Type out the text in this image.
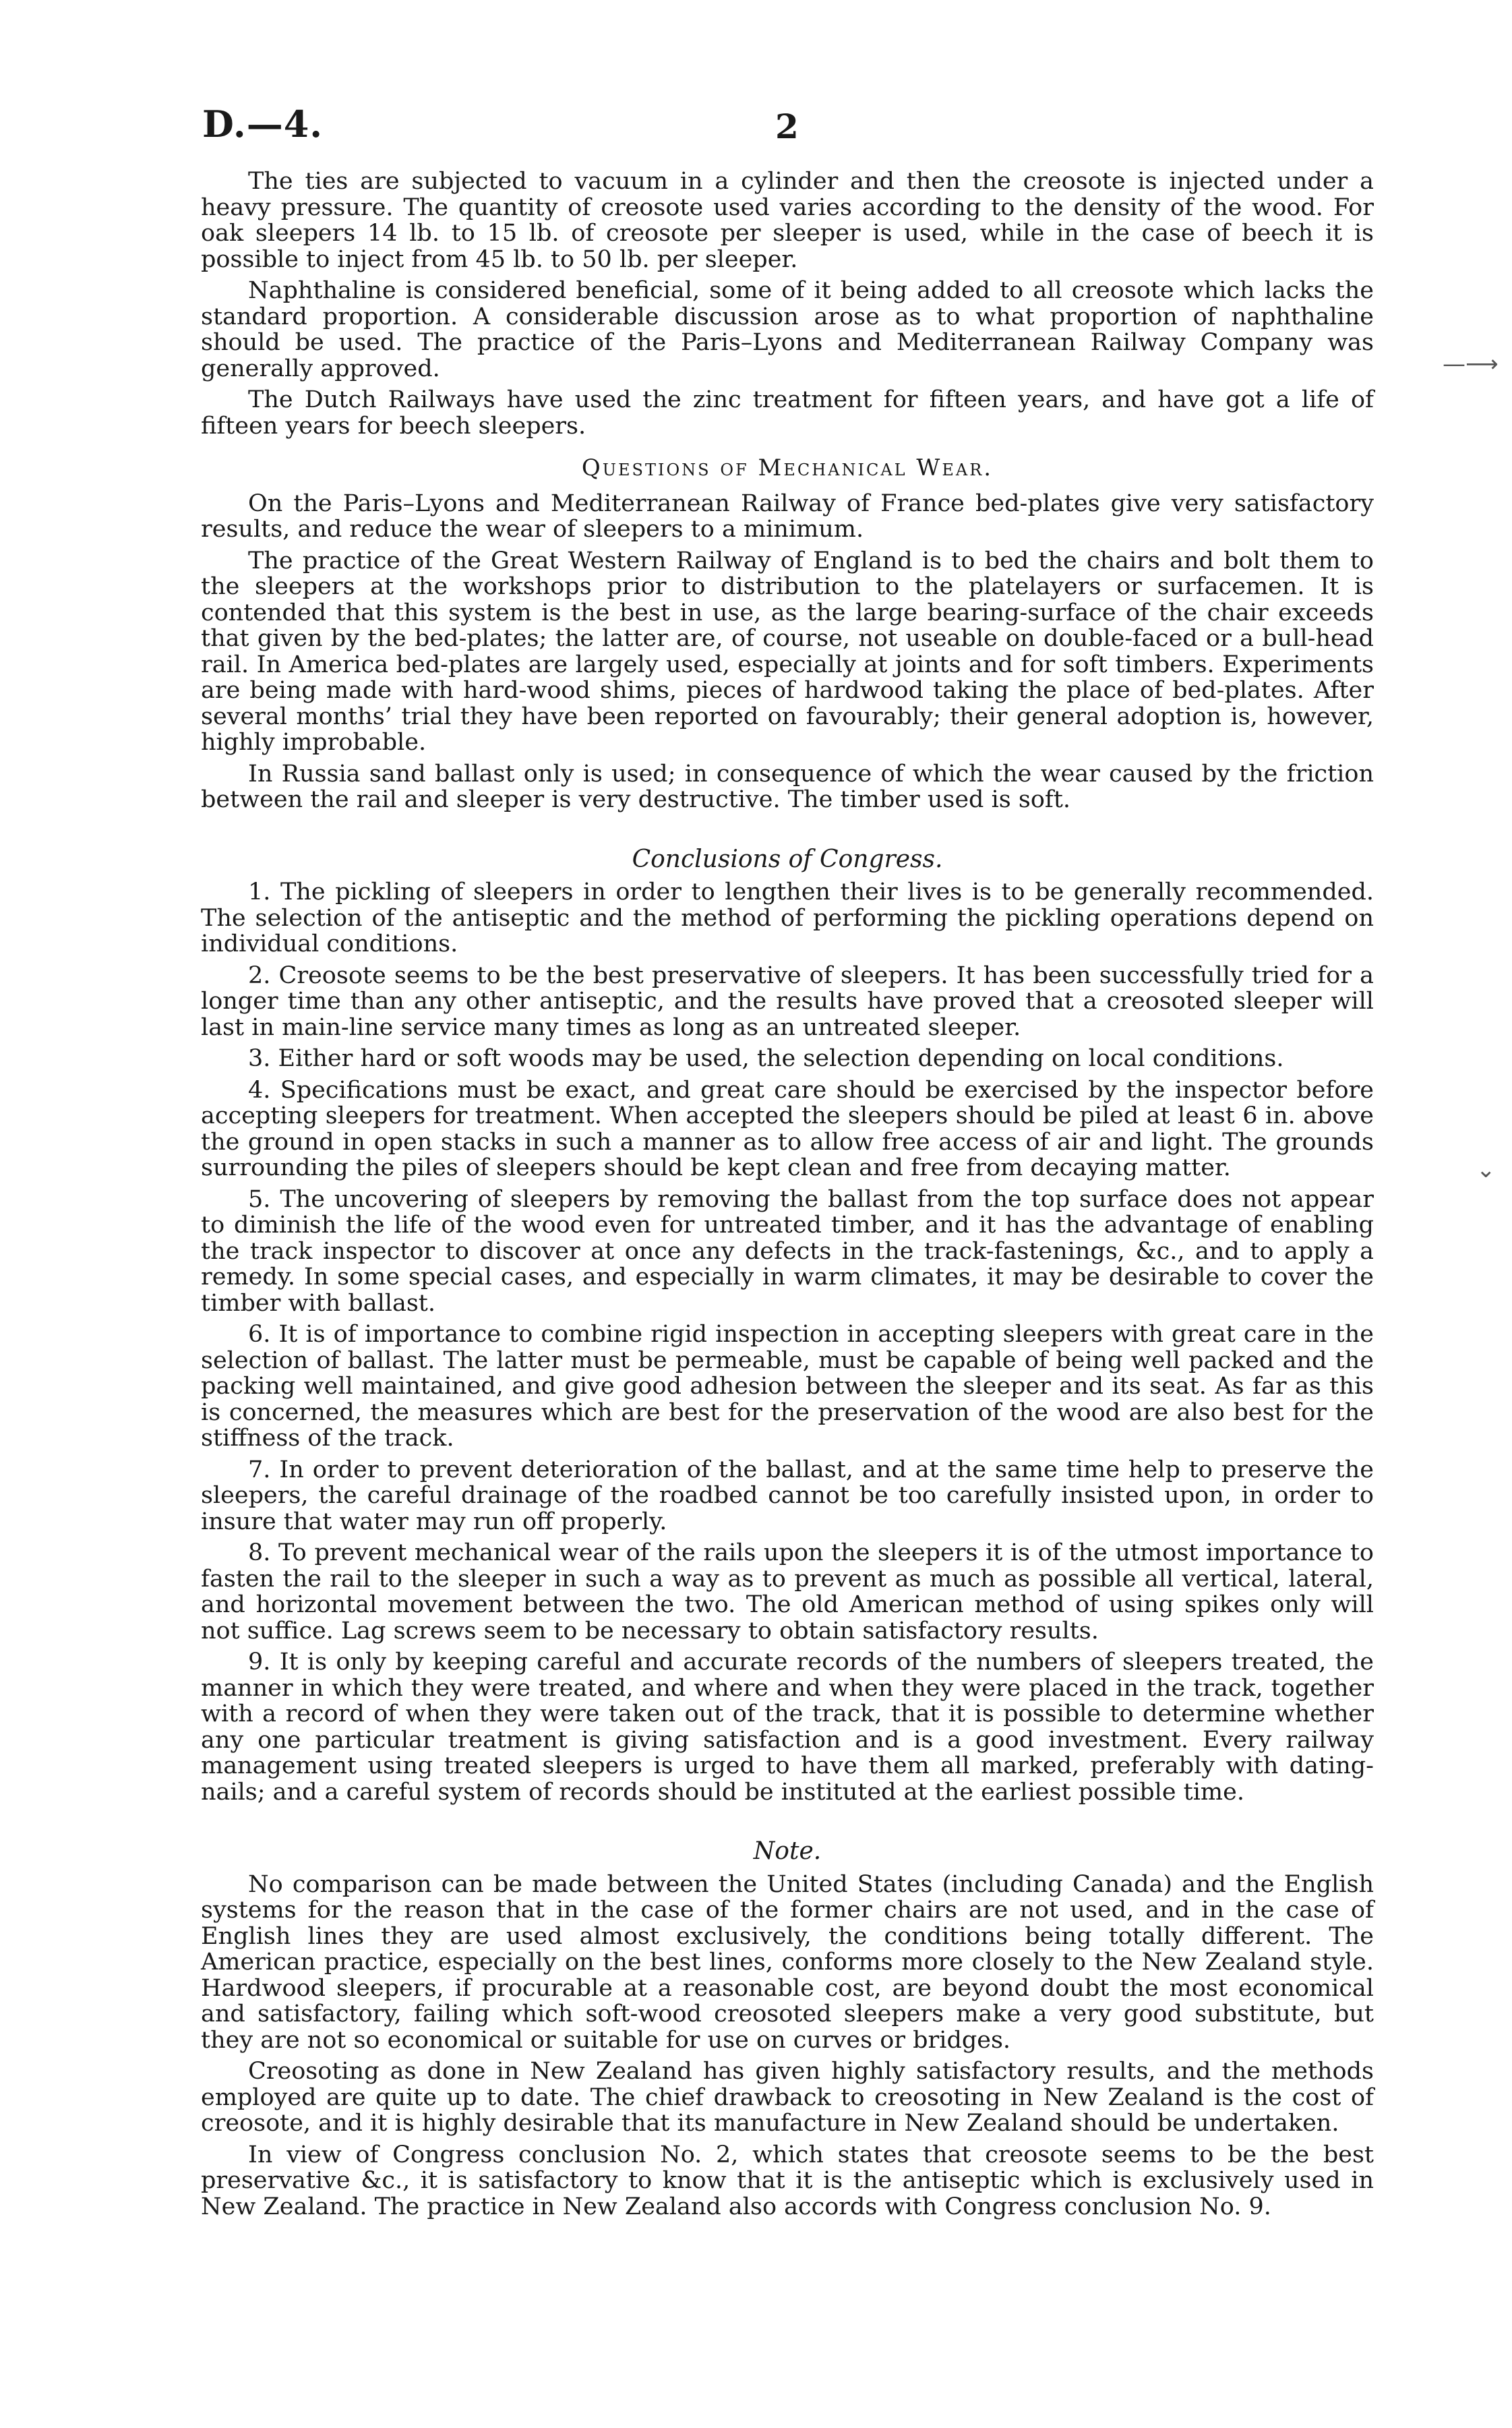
D.—4.	2
—⟶
⌄

The ties are subjected to vacuum in a cylinder and then the creosote is injected under a heavy pressure. The quantity of creosote used varies according to the density of the wood. For oak sleepers 14 lb. to 15 lb. of creosote per sleeper is used, while in the case of beech it is possible to inject from 45 lb. to 50 lb. per sleeper.

Naphthaline is considered beneficial, some of it being added to all creosote which lacks the standard proportion. A considerable discussion arose as to what proportion of naphthaline should be used. The practice of the Paris–Lyons and Mediterranean Railway Company was generally approved.

The Dutch Railways have used the zinc treatment for fifteen years, and have got a life of fifteen years for beech sleepers.

Questions of Mechanical Wear.

On the Paris–Lyons and Mediterranean Railway of France bed-plates give very satisfactory results, and reduce the wear of sleepers to a minimum.

The practice of the Great Western Railway of England is to bed the chairs and bolt them to the sleepers at the workshops prior to distribution to the platelayers or surfacemen. It is contended that this system is the best in use, as the large bearing-surface of the chair exceeds that given by the bed-plates; the latter are, of course, not useable on double-faced or a bull-head rail. In America bed-plates are largely used, especially at joints and for soft timbers. Experiments are being made with hard-wood shims, pieces of hardwood taking the place of bed-plates. After several months’ trial they have been reported on favourably; their general adoption is, however, highly improbable.

In Russia sand ballast only is used; in consequence of which the wear caused by the friction between the rail and sleeper is very destructive. The timber used is soft.

Conclusions of Congress.

1. The pickling of sleepers in order to lengthen their lives is to be generally recommended. The selection of the antiseptic and the method of performing the pickling operations depend on individual conditions.

2. Creosote seems to be the best preservative of sleepers. It has been successfully tried for a longer time than any other antiseptic, and the results have proved that a creosoted sleeper will last in main-line service many times as long as an untreated sleeper.

3. Either hard or soft woods may be used, the selection depending on local conditions.

4. Specifications must be exact, and great care should be exercised by the inspector before accepting sleepers for treatment. When accepted the sleepers should be piled at least 6 in. above the ground in open stacks in such a manner as to allow free access of air and light. The grounds surrounding the piles of sleepers should be kept clean and free from decaying matter.

5. The uncovering of sleepers by removing the ballast from the top surface does not appear to diminish the life of the wood even for untreated timber, and it has the advantage of enabling the track inspector to discover at once any defects in the track-fastenings, &c., and to apply a remedy. In some special cases, and especially in warm climates, it may be desirable to cover the timber with ballast.

6. It is of importance to combine rigid inspection in accepting sleepers with great care in the selection of ballast. The latter must be permeable, must be capable of being well packed and the packing well maintained, and give good adhesion between the sleeper and its seat. As far as this is concerned, the measures which are best for the preservation of the wood are also best for the stiffness of the track.

7. In order to prevent deterioration of the ballast, and at the same time help to preserve the sleepers, the careful drainage of the roadbed cannot be too carefully insisted upon, in order to insure that water may run off properly.

8. To prevent mechanical wear of the rails upon the sleepers it is of the utmost importance to fasten the rail to the sleeper in such a way as to prevent as much as possible all vertical, lateral, and horizontal movement between the two. The old American method of using spikes only will not suffice. Lag screws seem to be necessary to obtain satisfactory results.

9. It is only by keeping careful and accurate records of the numbers of sleepers treated, the manner in which they were treated, and where and when they were placed in the track, together with a record of when they were taken out of the track, that it is possible to determine whether any one particular treatment is giving satisfaction and is a good investment. Every railway management using treated sleepers is urged to have them all marked, preferably with dating-nails; and a careful system of records should be instituted at the earliest possible time.

Note.

No comparison can be made between the United States (including Canada) and the English systems for the reason that in the case of the former chairs are not used, and in the case of English lines they are used almost exclusively, the conditions being totally different. The American practice, especially on the best lines, conforms more closely to the New Zealand style. Hardwood sleepers, if procurable at a reasonable cost, are beyond doubt the most economical and satisfactory, failing which soft-wood creosoted sleepers make a very good substitute, but they are not so economical or suitable for use on curves or bridges.

Creosoting as done in New Zealand has given highly satisfactory results, and the methods employed are quite up to date. The chief drawback to creosoting in New Zealand is the cost of creosote, and it is highly desirable that its manufacture in New Zealand should be undertaken.

In view of Congress conclusion No. 2, which states that creosote seems to be the best preservative &c., it is satisfactory to know that it is the antiseptic which is exclusively used in New Zealand. The practice in New Zealand also accords with Congress conclusion No. 9.
